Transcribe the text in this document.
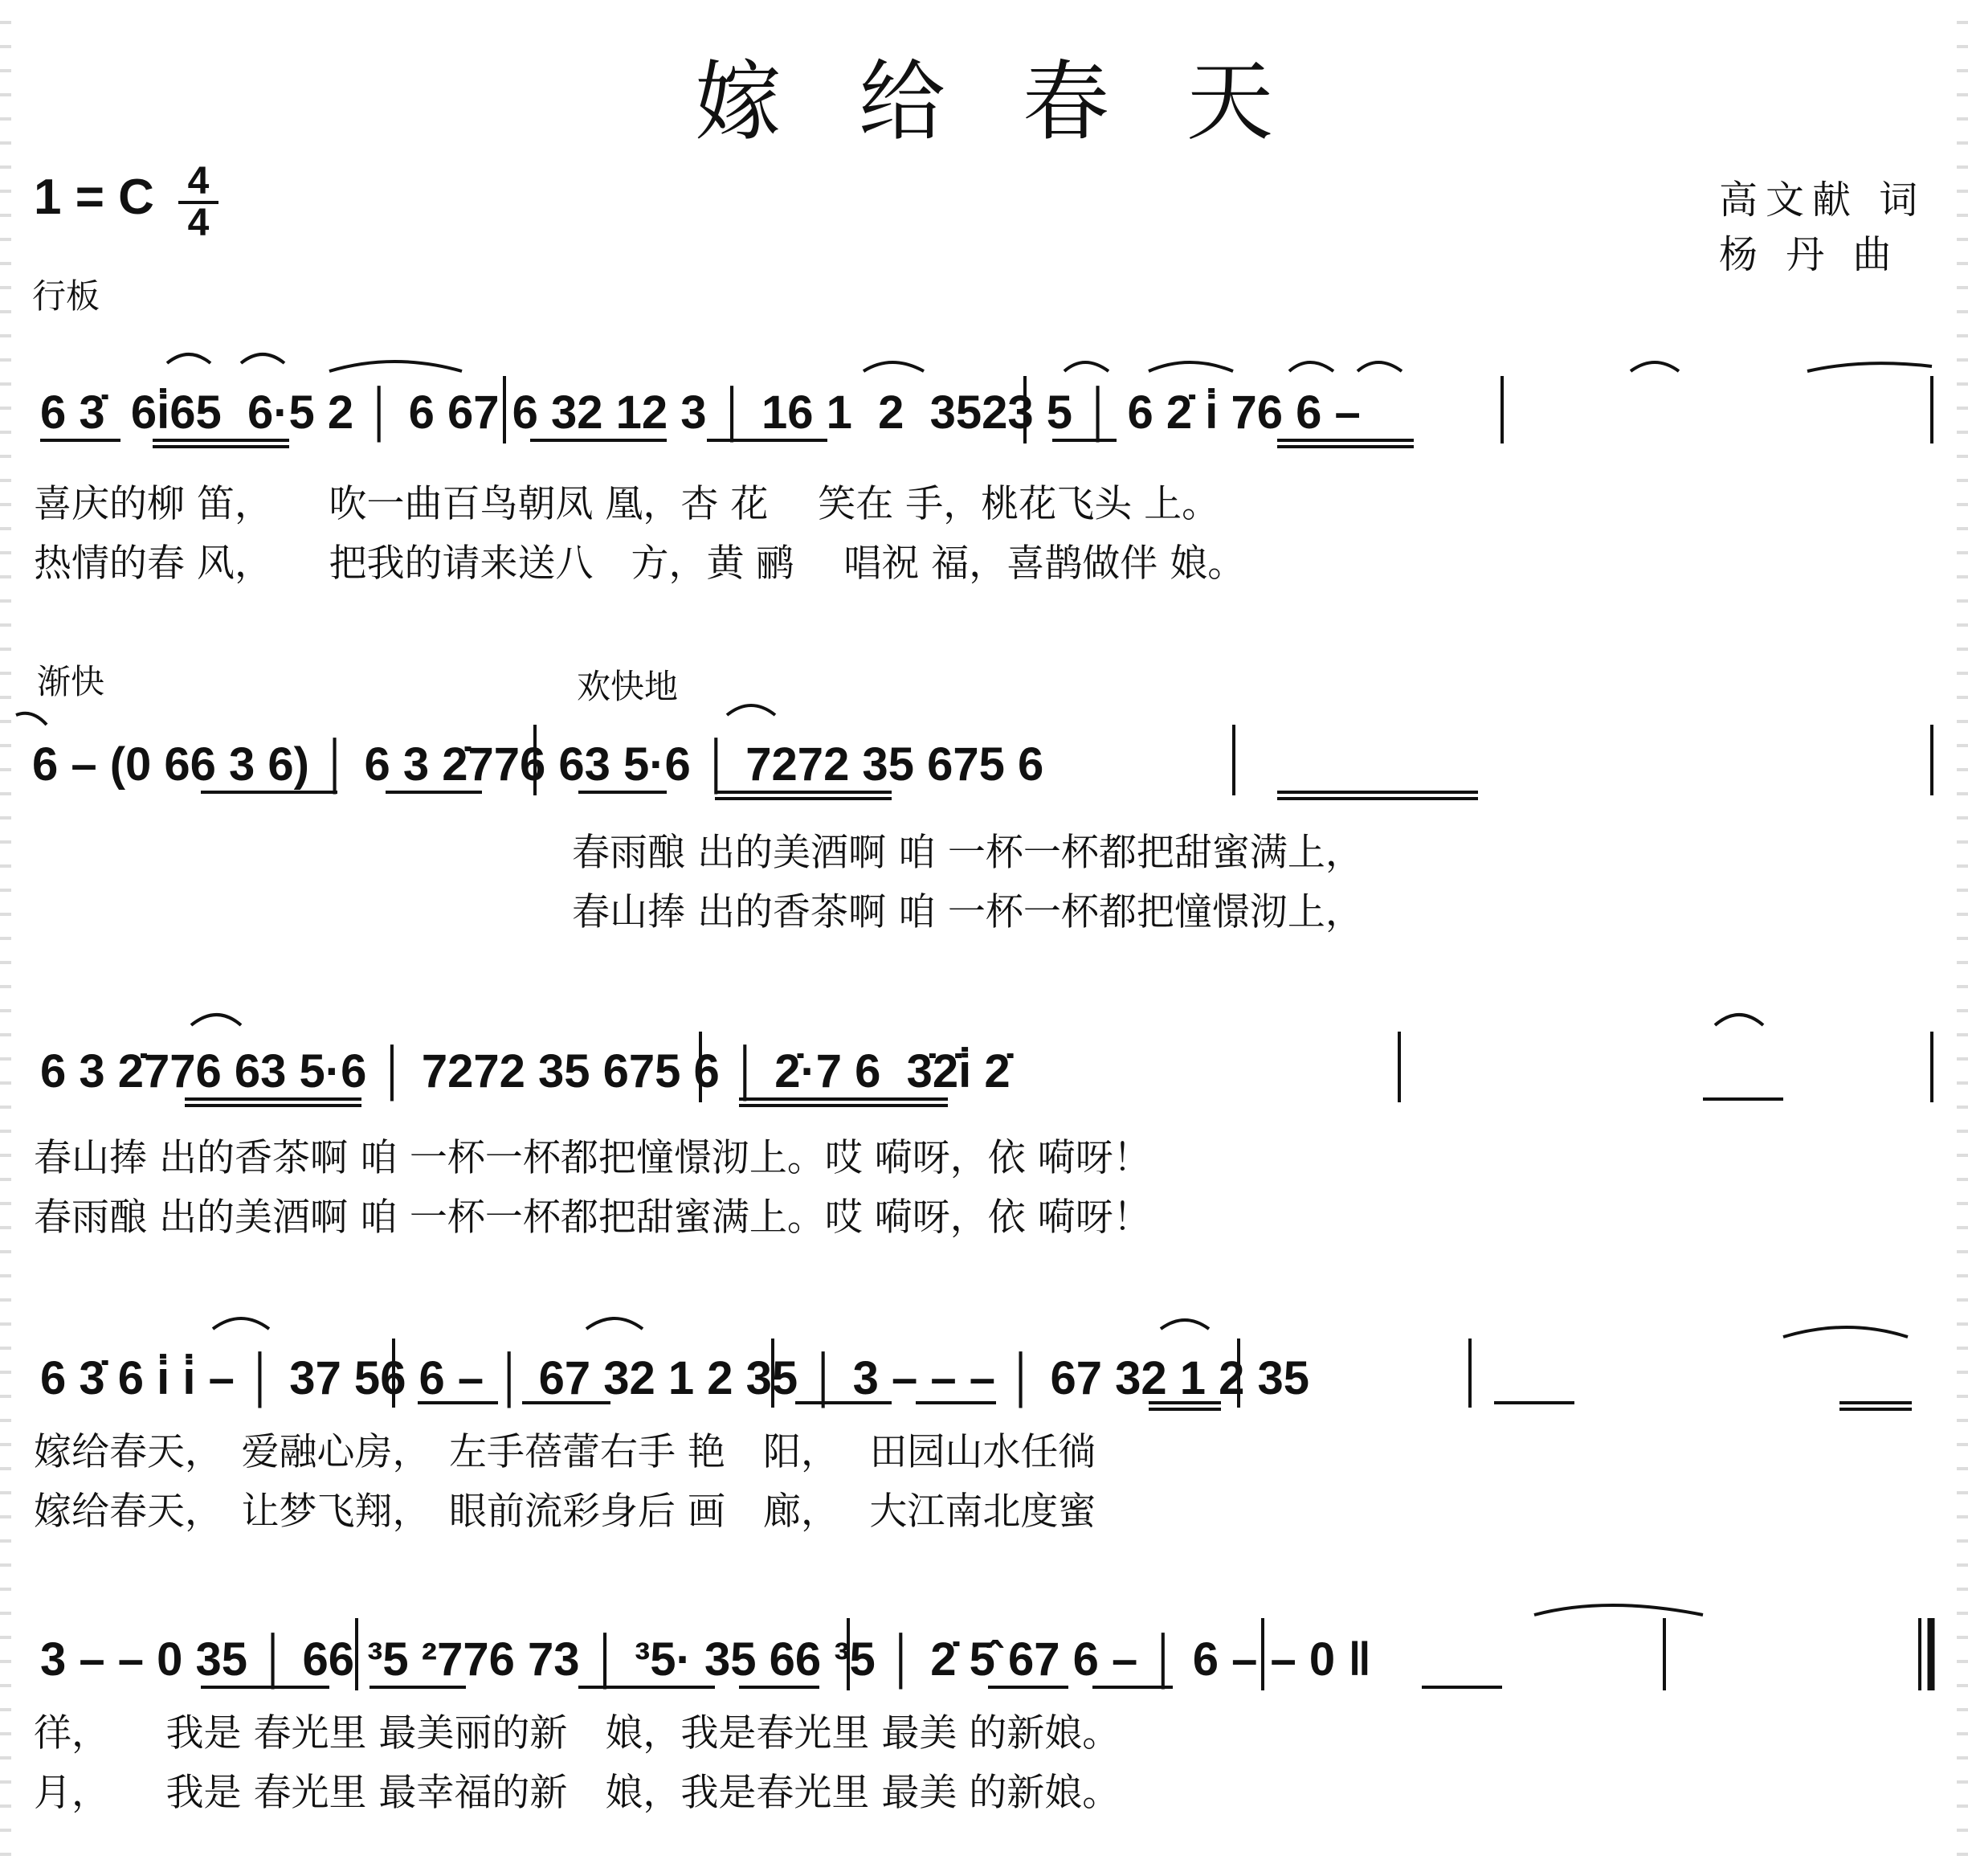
嫁给春天
1 = C $\frac{4}{4}$	高文献 词
杨 丹 曲
行板
渐快	欢快地
6 3̇  6i̇65  6·5 2 │ 6 67 6 32 12 3 │ 16 1  2  3523 5 │ 6 2̇ i̇ 76 6 –
喜庆的柳 笛，　　吹一曲百鸟朝凤 凰，杏 花　 笑在 手，桃花飞头 上。
热情的春 风，　　把我的请来送八　方，黄 鹂　 唱祝 福，喜鹊做伴 娘。
6 – (0 66 3 6) │ 6 3 2̇776 63 5·6 │ 7272 35 675 6
春雨酿 出的美酒啊 咱 一杯一杯都把甜蜜满上，
春山捧 出的香茶啊 咱 一杯一杯都把憧憬沏上，
6 3 2̇776 63 5·6 │ 7272 35 675 6 │ 2̇·7 6  3̇2̇i̇ 2̇
春山捧 出的香茶啊 咱 一杯一杯都把憧憬沏上。哎 嗬呀，依 嗬呀！
春雨酿 出的美酒啊 咱 一杯一杯都把甜蜜满上。哎 嗬呀，依 嗬呀！
6 3̇ 6 i̇ i̇ – │ 37 56 6 – │ 67 32 1 2 35 │ 3 – – – │ 67 32 1 2 35
嫁给春天，　爱融心房，　左手蓓蕾右手 艳　阳，　 田园山水任徜
嫁给春天，　让梦飞翔，　眼前流彩身后 画　廊，　 大江南北度蜜
3 – – 0 35 │ 66 ³5 ²776 73 │ ³5· 35 66 ³5 │ 2̇ 5̂ 67 6 – │ 6 – – 0 ‖
徉，　　我是 春光里 最美丽的新　娘，我是春光里 最美 的新娘。
月，　　我是 春光里 最幸福的新　娘，我是春光里 最美 的新娘。
